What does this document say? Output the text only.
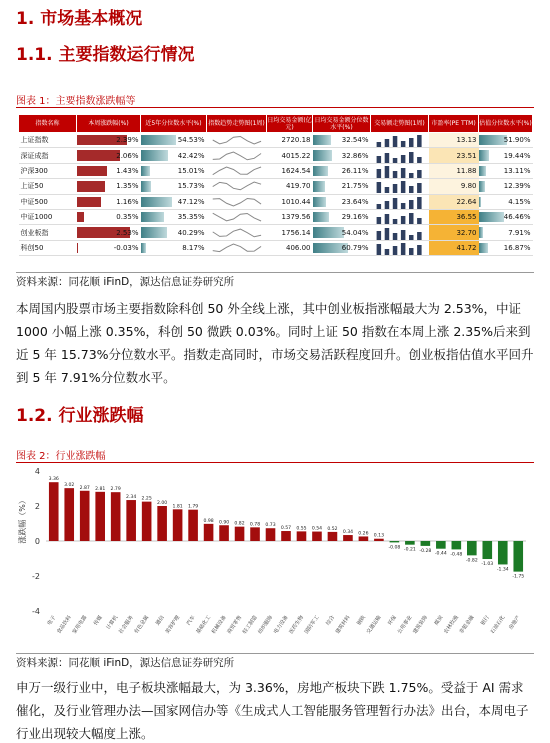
1. 市场基本概况
1.1. 主要指数运行情况
图表 1：主要指数涨跌幅等
指数名称	本周涨跌幅(%)	近5年分位数水平(%)	指数趋势走势图(1周)	日均交易金额(亿元)	日均交易金额分位数水平(%)	交易额走势图(1周)	市盈率(PE TTM)	估值分位数水平(%)
上证指数	2.39%	54.53%		2720.18	32.54%		13.13	51.90%

深证成指	2.06%	42.42%		4015.22	32.86%		23.51	19.44%

沪深300	1.43%	15.01%		1624.54	26.11%		11.88	13.11%

上证50	1.35%	15.73%		419.70	21.75%		9.80	12.39%

中证500	1.16%	47.12%		1010.44	23.64%		22.64	4.15%

中证1000	0.35%	35.35%		1379.56	29.16%		36.55	46.46%

创业板指	2.53%	40.29%		1756.14	54.04%		32.70	7.91%

科创50	-0.03%	8.17%		406.00	60.79%		41.72	16.87%
资料来源：同花顺 iFinD，源达信息证券研究所
本周国内股票市场主要指数除科创 50 外全线上涨，其中创业板指涨幅最大为 2.53%，中证 1000 小幅上涨 0.35%，科创 50 微跌 0.03%。同时上证 50 指数在本周上涨 2.35%后来到近 5 年 15.73%分位数水平。指数走高同时，市场交易活跃程度回升。创业板指估值水平回升到 5 年 7.91%分位数水平。
1.2. 行业涨跌幅
图表 2：行业涨跌幅
-4
-2
0
2
4
涨跌幅（%）
3.36
电子
3.02
食品饮料
2.87
家用电器
2.81
传媒
2.79
计算机
2.34
社会服务
2.25
有色金属
2.00
通信
1.81
美容护理
1.79
汽车
0.98
基础化工
0.90
机械设备
0.82
商贸零售
0.78
轻工制造
0.73
纺织服饰
0.57
电力设备
0.55
医药生物
0.54
国防军工
0.52
综合
0.34
建筑材料
0.26
钢铁
0.13
交通运输
-0.08
环保
-0.21
公用事业
-0.28
建筑装饰
-0.44
煤炭
-0.48
农林牧渔
-0.82
非银金融
-1.03
银行
-1.34
石油石化
-1.75
房地产
资料来源：同花顺 iFinD，源达信息证券研究所
申万一级行业中，电子板块涨幅最大，为 3.36%，房地产板块下跌 1.75%。受益于 AI 需求催化，及行业管理办法—国家网信办等《生成式人工智能服务管理暂行办法》出台，本周电子行业出现较大幅度上涨。
